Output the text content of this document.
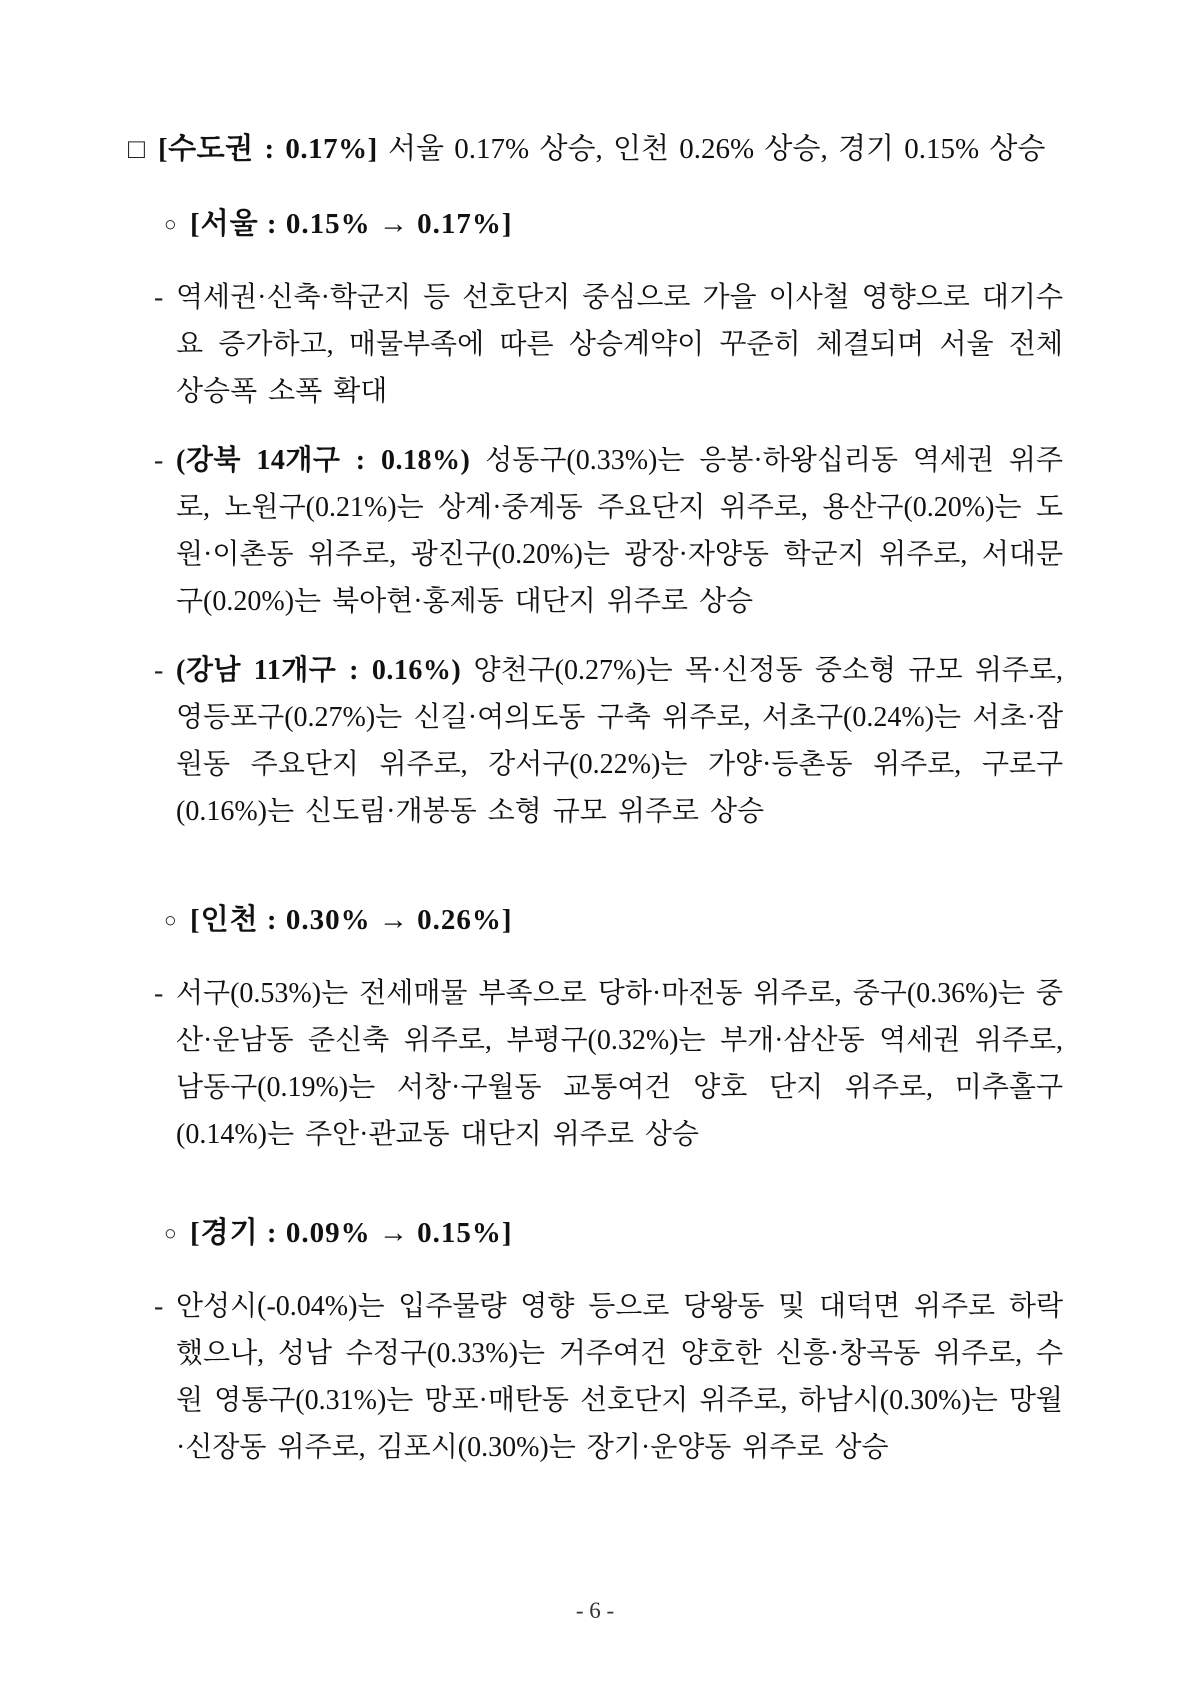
□ [수도권 : 0.17%] 서울 0.17% 상승, 인천 0.26% 상승, 경기 0.15% 상승
○ [서울 : 0.15% → 0.17%]
- 역세권·신축·학군지 등 선호단지 중심으로 가을 이사철 영향으로 대기수요 증가하고, 매물부족에 따른 상승계약이 꾸준히 체결되며 서울 전체 상승폭 소폭 확대
- (강북 14개구 : 0.18%) 성동구(0.33%)는 응봉·하왕십리동 역세권 위주로, 노원구(0.21%)는 상계·중계동 주요단지 위주로, 용산구(0.20%)는 도원·이촌동 위주로, 광진구(0.20%)는 광장·자양동 학군지 위주로, 서대문구(0.20%)는 북아현·홍제동 대단지 위주로 상승
- (강남 11개구 : 0.16%) 양천구(0.27%)는 목·신정동 중소형 규모 위주로, 영등포구(0.27%)는 신길·여의도동 구축 위주로, 서초구(0.24%)는 서초·잠원동 주요단지 위주로, 강서구(0.22%)는 가양·등촌동 위주로, 구로구(0.16%)는 신도림·개봉동 소형 규모 위주로 상승
○ [인천 : 0.30% → 0.26%]
- 서구(0.53%)는 전세매물 부족으로 당하·마전동 위주로, 중구(0.36%)는 중산·운남동 준신축 위주로, 부평구(0.32%)는 부개·삼산동 역세권 위주로, 남동구(0.19%)는 서창·구월동 교통여건 양호 단지 위주로, 미추홀구(0.14%)는 주안·관교동 대단지 위주로 상승
○ [경기 : 0.09% → 0.15%]
- 안성시(-0.04%)는 입주물량 영향 등으로 당왕동 및 대덕면 위주로 하락했으나, 성남 수정구(0.33%)는 거주여건 양호한 신흥·창곡동 위주로, 수원 영통구(0.31%)는 망포·매탄동 선호단지 위주로, 하남시(0.30%)는 망월·신장동 위주로, 김포시(0.30%)는 장기·운양동 위주로 상승
- 6 -
